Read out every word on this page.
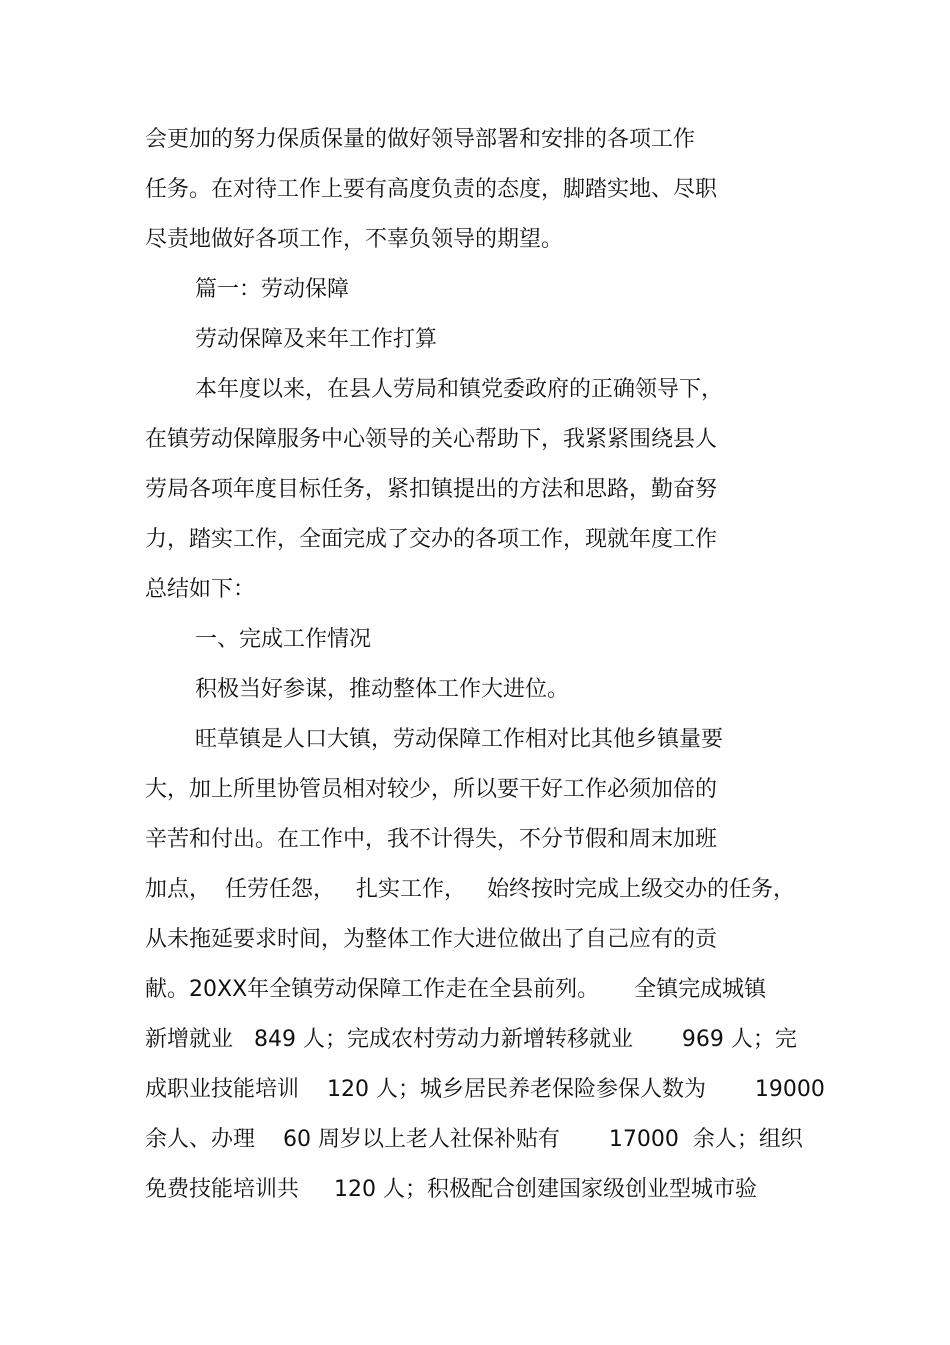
会更加的努力保质保量的做好领导部署和安排的各项工作
任务。在对待工作上要有高度负责的态度，脚踏实地、尽职
尽责地做好各项工作，不辜负领导的期望。
篇一：劳动保障
劳动保障及来年工作打算
本年度以来，在县人劳局和镇党委政府的正确领导下，
在镇劳动保障服务中心领导的关心帮助下，我紧紧围绕县人
劳局各项年度目标任务，紧扣镇提出的方法和思路，勤奋努
力，踏实工作，全面完成了交办的各项工作，现就年度工作
总结如下：
一、完成工作情况
积极当好参谋，推动整体工作大进位。
旺草镇是人口大镇，劳动保障工作相对比其他乡镇量要
大，加上所里协管员相对较少，所以要干好工作必须加倍的
辛苦和付出。在工作中，我不计得失，不分节假和周末加班
加点，  任劳任怨，   扎实工作，   始终按时完成上级交办的任务，
从未拖延要求时间，为整体工作大进位做出了自己应有的贡
献。20XX年全镇劳动保障工作走在全县前列。     全镇完成城镇
新增就业   849 人；完成农村劳动力新增转移就业       969 人；完
成职业技能培训    120 人；城乡居民养老保险参保人数为       19000
余人、办理    60 周岁以上老人社保补贴有       17000  余人；组织
免费技能培训共     120 人；积极配合创建国家级创业型城市验
